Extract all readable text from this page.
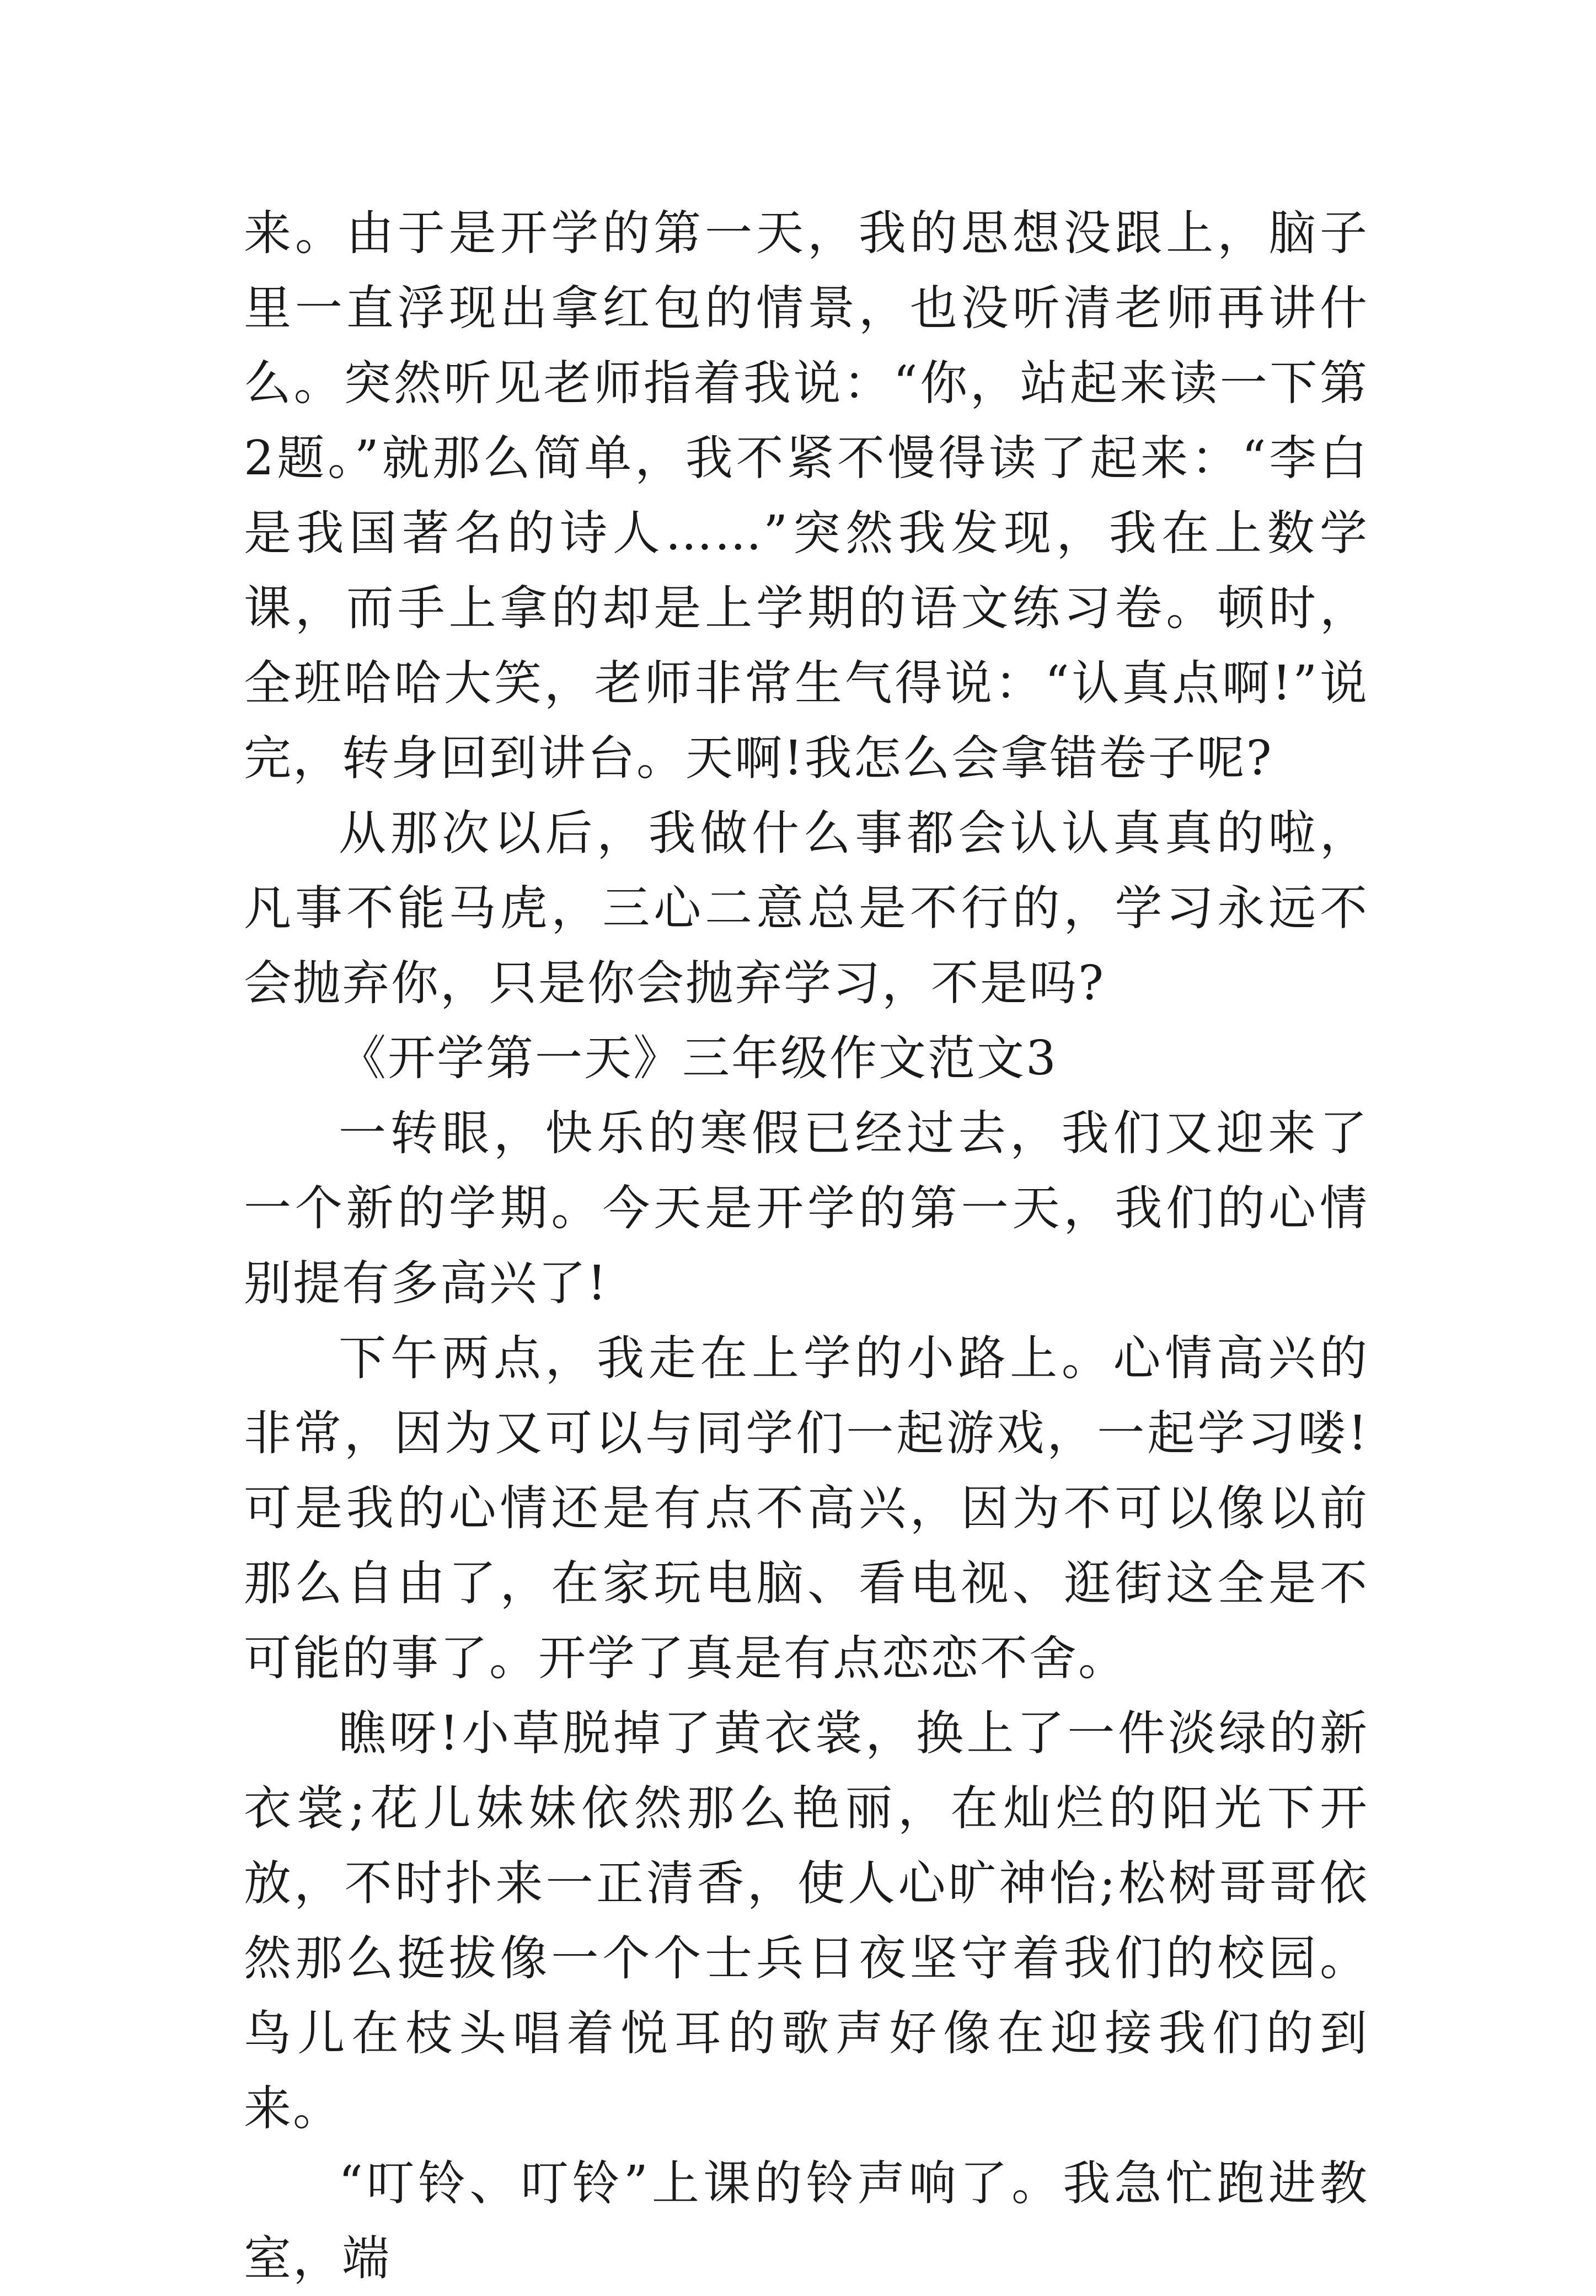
来。由于是开学的第一天，我的思想没跟上，脑子里一直浮现出拿红包的情景，也没听清老师再讲什么。突然听见老师指着我说：“你，站起来读一下第2题。”就那么简单，我不紧不慢得读了起来：“李白是我国著名的诗人……”突然我发现，我在上数学课，而手上拿的却是上学期的语文练习卷。顿时，全班哈哈大笑，老师非常生气得说：“认真点啊!”说完，转身回到讲台。天啊!我怎么会拿错卷子呢?

从那次以后，我做什么事都会认认真真的啦，凡事不能马虎，三心二意总是不行的，学习永远不会抛弃你，只是你会抛弃学习，不是吗?

《开学第一天》三年级作文范文3

一转眼，快乐的寒假已经过去，我们又迎来了一个新的学期。今天是开学的第一天，我们的心情别提有多高兴了!

下午两点，我走在上学的小路上。心情高兴的非常，因为又可以与同学们一起游戏，一起学习喽!可是我的心情还是有点不高兴，因为不可以像以前那么自由了，在家玩电脑、看电视、逛街这全是不可能的事了。开学了真是有点恋恋不舍。

瞧呀!小草脱掉了黄衣裳，换上了一件淡绿的新衣裳;花儿妹妹依然那么艳丽，在灿烂的阳光下开放，不时扑来一正清香，使人心旷神怡;松树哥哥依然那么挺拔像一个个士兵日夜坚守着我们的校园。鸟儿在枝头唱着悦耳的歌声好像在迎接我们的到来。

“叮铃、叮铃”上课的铃声响了。我急忙跑进教室，端
